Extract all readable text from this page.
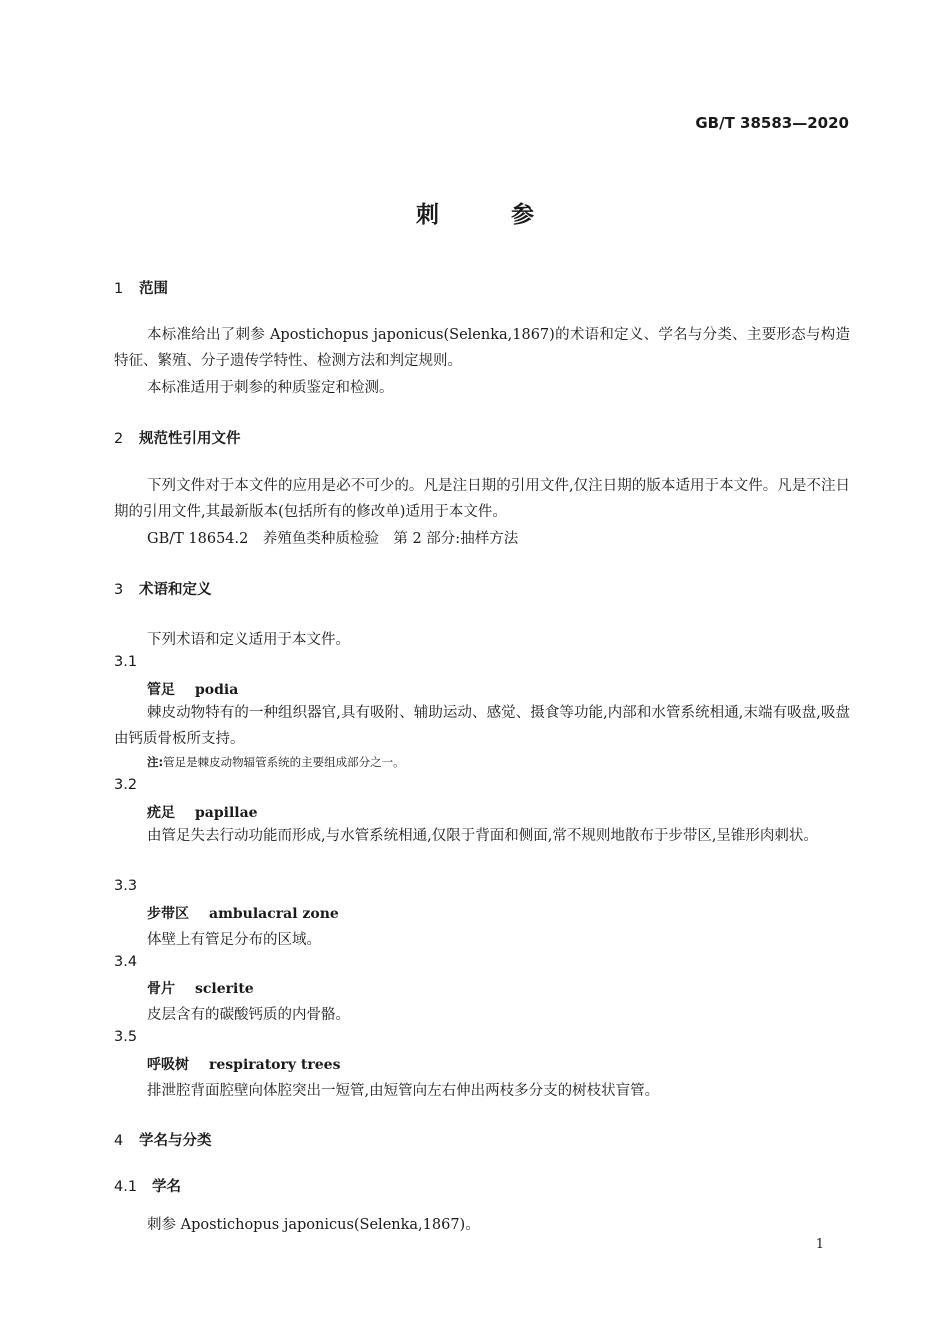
GB/T 38583—2020
刺参
1 范围
本标准给出了刺参 Apostichopus japonicus(Selenka,1867)的术语和定义、学名与分类、主要形态与构造特征、繁殖、分子遗传学特性、检测方法和判定规则。
本标准适用于刺参的种质鉴定和检测。
2 规范性引用文件
下列文件对于本文件的应用是必不可少的。凡是注日期的引用文件,仅注日期的版本适用于本文件。凡是不注日期的引用文件,其最新版本(包括所有的修改单)适用于本文件。
GB/T 18654.2　养殖鱼类种质检验　第 2 部分:抽样方法
3 术语和定义
下列术语和定义适用于本文件。
3.1
管足 podia
棘皮动物特有的一种组织器官,具有吸附、辅助运动、感觉、摄食等功能,内部和水管系统相通,末端有吸盘,吸盘由钙质骨板所支持。
注:管足是棘皮动物辐管系统的主要组成部分之一。
3.2
疣足 papillae
由管足失去行动功能而形成,与水管系统相通,仅限于背面和侧面,常不规则地散布于步带区,呈锥形肉刺状。
3.3
步带区 ambulacral zone
体壁上有管足分布的区域。
3.4
骨片 sclerite
皮层含有的碳酸钙质的内骨骼。
3.5
呼吸树 respiratory trees
排泄腔背面腔壁向体腔突出一短管,由短管向左右伸出两枝多分支的树枝状盲管。
4 学名与分类
4.1 学名
刺参 Apostichopus japonicus(Selenka,1867)。
1
